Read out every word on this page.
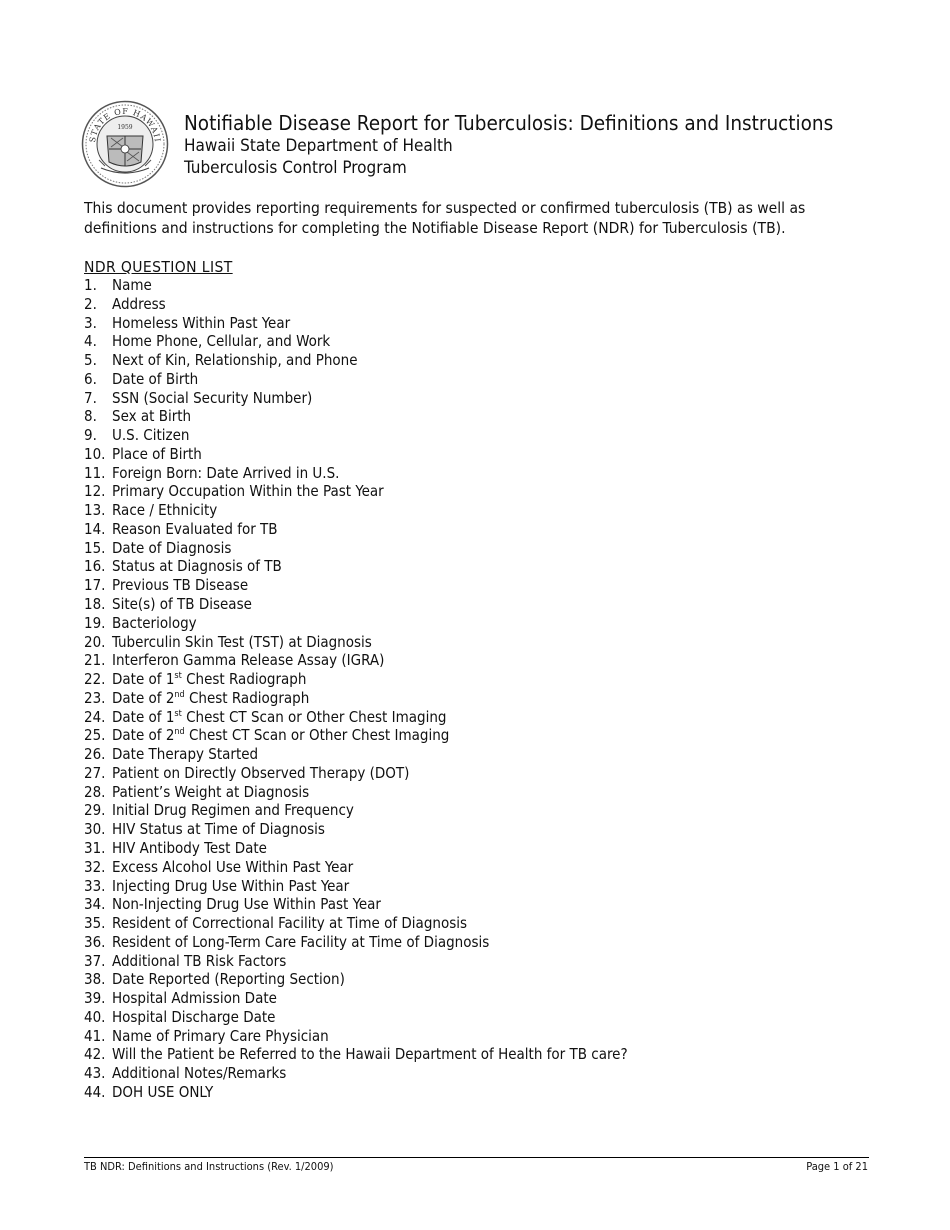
STATE OF HAWAII
1959	Notifiable Disease Report for Tuberculosis: Definitions and Instructions
Hawaii State Department of Health
Tuberculosis Control Program
This document provides reporting requirements for suspected or confirmed tuberculosis (TB) as well as
definitions and instructions for completing the Notifiable Disease Report (NDR) for Tuberculosis (TB).
NDR QUESTION LIST
1. Name
2. Address
3. Homeless Within Past Year
4. Home Phone, Cellular, and Work
5. Next of Kin, Relationship, and Phone
6. Date of Birth
7. SSN (Social Security Number)
8. Sex at Birth
9. U.S. Citizen
10. Place of Birth
11. Foreign Born: Date Arrived in U.S.
12. Primary Occupation Within the Past Year
13. Race / Ethnicity
14. Reason Evaluated for TB
15. Date of Diagnosis
16. Status at Diagnosis of TB
17. Previous TB Disease
18. Site(s) of TB Disease
19. Bacteriology
20. Tuberculin Skin Test (TST) at Diagnosis
21. Interferon Gamma Release Assay (IGRA)
22. Date of 1st Chest Radiograph
23. Date of 2nd Chest Radiograph
24. Date of 1st Chest CT Scan or Other Chest Imaging
25. Date of 2nd Chest CT Scan or Other Chest Imaging
26. Date Therapy Started
27. Patient on Directly Observed Therapy (DOT)
28. Patient’s Weight at Diagnosis
29. Initial Drug Regimen and Frequency
30. HIV Status at Time of Diagnosis
31. HIV Antibody Test Date
32. Excess Alcohol Use Within Past Year
33. Injecting Drug Use Within Past Year
34. Non-Injecting Drug Use Within Past Year
35. Resident of Correctional Facility at Time of Diagnosis
36. Resident of Long-Term Care Facility at Time of Diagnosis
37. Additional TB Risk Factors
38. Date Reported (Reporting Section)
39. Hospital Admission Date
40. Hospital Discharge Date
41. Name of Primary Care Physician
42. Will the Patient be Referred to the Hawaii Department of Health for TB care?
43. Additional Notes/Remarks
44. DOH USE ONLY
TB NDR: Definitions and Instructions (Rev. 1/2009)	Page 1 of 21
